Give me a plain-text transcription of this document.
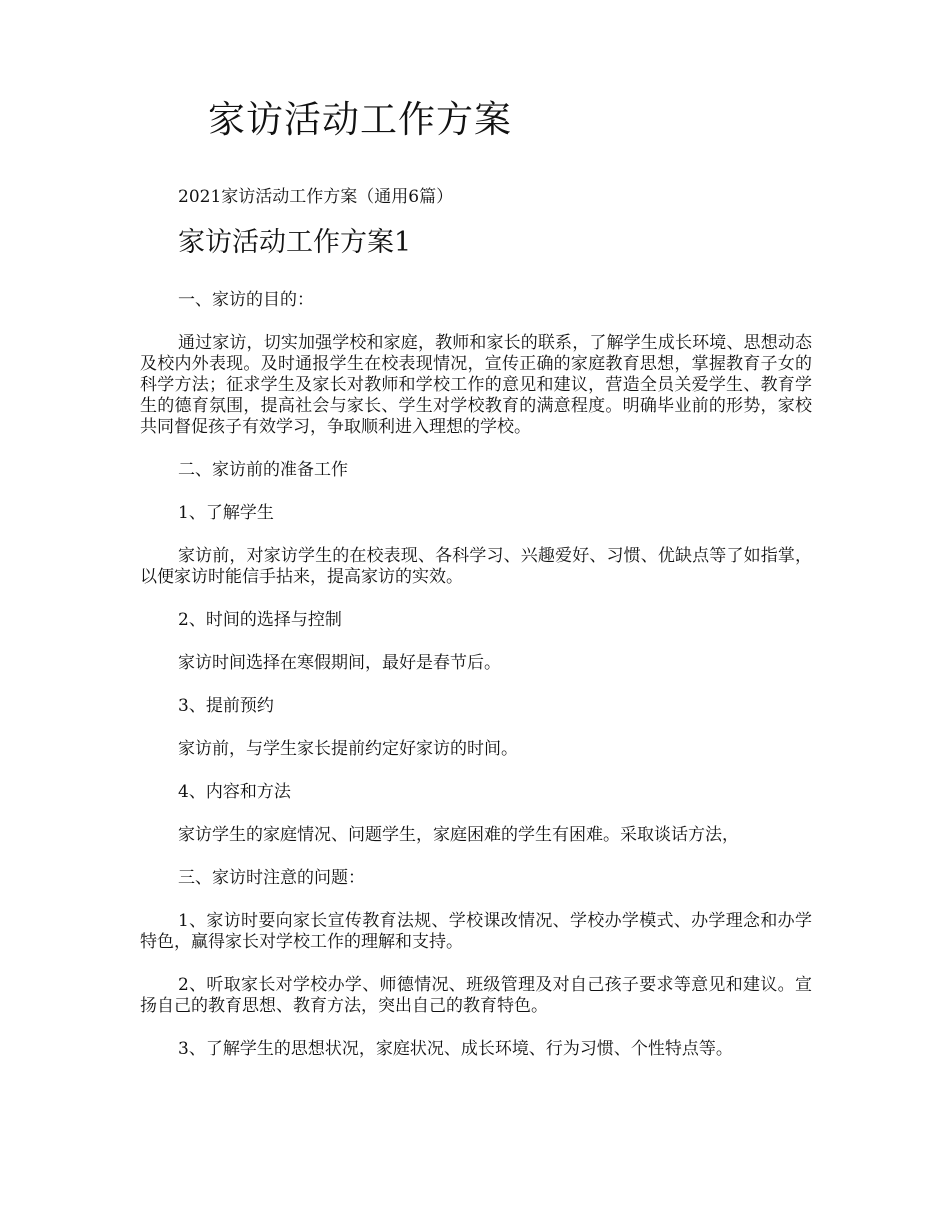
家访活动工作方案
2021家访活动工作方案（通用6篇）
家访活动工作方案1

一、家访的目的：

通过家访，切实加强学校和家庭，教师和家长的联系，了解学生成长环境、思想动态及校内外表现。及时通报学生在校表现情况，宣传正确的家庭教育思想，掌握教育子女的科学方法；征求学生及家长对教师和学校工作的意见和建议，营造全员关爱学生、教育学生的德育氛围，提高社会与家长、学生对学校教育的满意程度。明确毕业前的形势，家校共同督促孩子有效学习，争取顺利进入理想的学校。

二、家访前的准备工作

1、了解学生

家访前，对家访学生的在校表现、各科学习、兴趣爱好、习惯、优缺点等了如指掌，以便家访时能信手拈来，提高家访的实效。

2、时间的选择与控制

家访时间选择在寒假期间，最好是春节后。

3、提前预约

家访前，与学生家长提前约定好家访的时间。

4、内容和方法

家访学生的家庭情况、问题学生，家庭困难的学生有困难。采取谈话方法，

三、家访时注意的问题：

1、家访时要向家长宣传教育法规、学校课改情况、学校办学模式、办学理念和办学特色，赢得家长对学校工作的理解和支持。

2、听取家长对学校办学、师德情况、班级管理及对自己孩子要求等意见和建议。宣扬自己的教育思想、教育方法，突出自己的教育特色。

3、了解学生的思想状况，家庭状况、成长环境、行为习惯、个性特点等。
